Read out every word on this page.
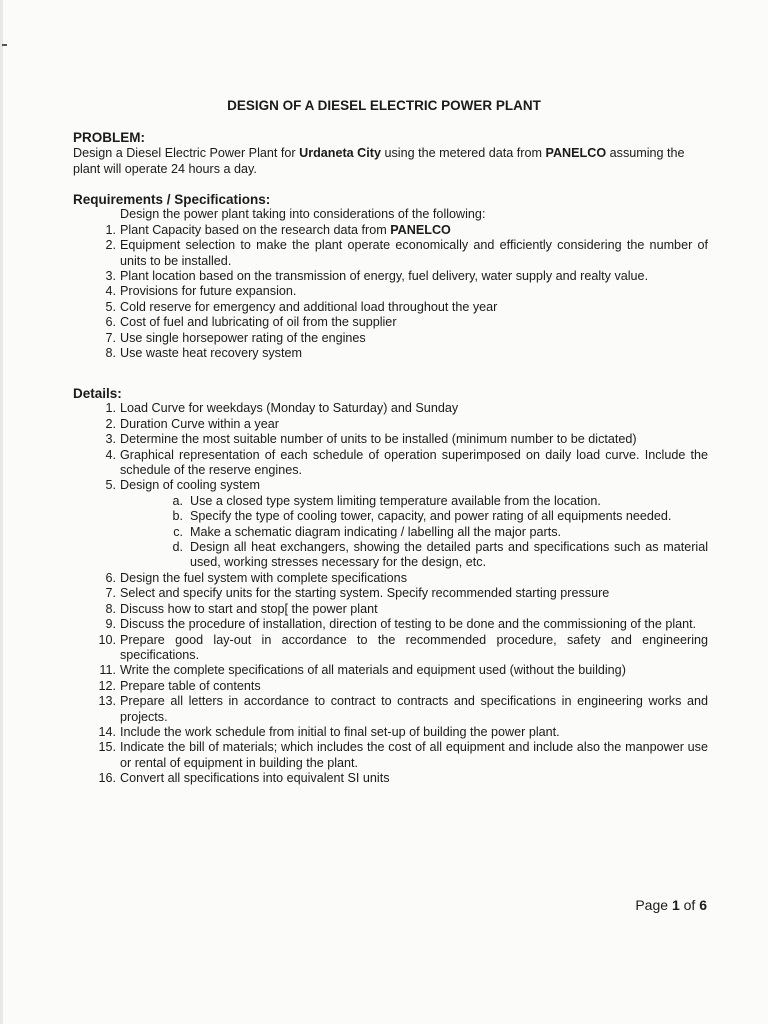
DESIGN OF A DIESEL ELECTRIC POWER PLANT
PROBLEM:
Design a Diesel Electric Power Plant for Urdaneta City using the metered data from PANELCO assuming the plant will operate 24 hours a day.
Requirements / Specifications:
Design the power plant taking into considerations of the following:
1. Plant Capacity based on the research data from PANELCO
2. Equipment selection to make the plant operate economically and efficiently considering the number of units to be installed.
3. Plant location based on the transmission of energy, fuel delivery, water supply and realty value.
4. Provisions for future expansion.
5. Cold reserve for emergency and additional load throughout the year
6. Cost of fuel and lubricating of oil from the supplier
7. Use single horsepower rating of the engines
8. Use waste heat recovery system
Details:
1. Load Curve for weekdays (Monday to Saturday) and Sunday
2. Duration Curve within a year
3. Determine the most suitable number of units to be installed (minimum number to be dictated)
4. Graphical representation of each schedule of operation superimposed on daily load curve. Include the schedule of the reserve engines.
5. Design of cooling system
a. Use a closed type system limiting temperature available from the location.
b. Specify the type of cooling tower, capacity, and power rating of all equipments needed.
c. Make a schematic diagram indicating / labelling all the major parts.
d. Design all heat exchangers, showing the detailed parts and specifications such as material used, working stresses necessary for the design, etc.
6. Design the fuel system with complete specifications
7. Select and specify units for the starting system. Specify recommended starting pressure
8. Discuss how to start and stop[ the power plant
9. Discuss the procedure of installation, direction of testing to be done and the commissioning of the plant.
10. Prepare good lay-out in accordance to the recommended procedure, safety and engineering specifications.
11. Write the complete specifications of all materials and equipment used (without the building)
12. Prepare table of contents
13. Prepare all letters in accordance to contract to contracts and specifications in engineering works and projects.
14. Include the work schedule from initial to final set-up of building the power plant.
15. Indicate the bill of materials; which includes the cost of all equipment and include also the manpower use or rental of equipment in building the plant.
16. Convert all specifications into equivalent SI units
Page 1 of 6
